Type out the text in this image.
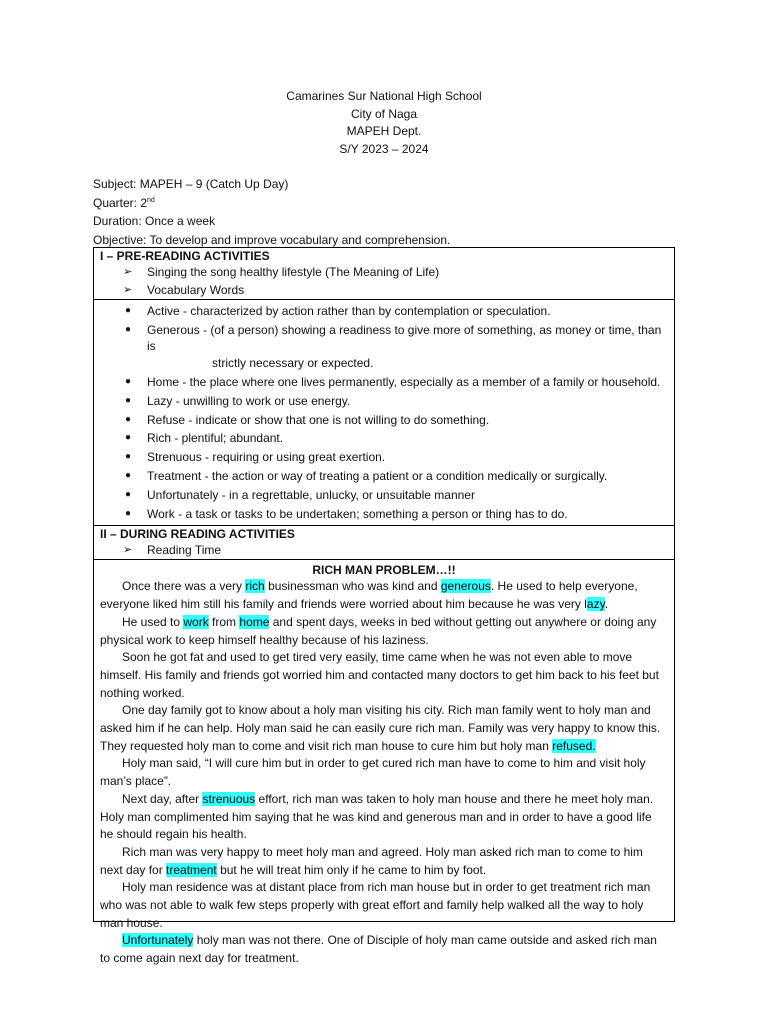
Camarines Sur National High School
City of Naga
MAPEH Dept.
S/Y 2023 – 2024
Subject: MAPEH – 9 (Catch Up Day)
Quarter: 2nd
Duration: Once a week
Objective: To develop and improve vocabulary and comprehension.
I – PRE-READING ACTIVITIES
➢ Singing the song healthy lifestyle (The Meaning of Life)
➢ Vocabulary Words
● Active - characterized by action rather than by contemplation or speculation.
● Generous - (of a person) showing a readiness to give more of something, as money or time, than is
strictly necessary or expected.
● Home - the place where one lives permanently, especially as a member of a family or household.
● Lazy - unwilling to work or use energy.
● Refuse - indicate or show that one is not willing to do something.
● Rich - plentiful; abundant.
● Strenuous - requiring or using great exertion.
● Treatment - the action or way of treating a patient or a condition medically or surgically.
● Unfortunately - in a regrettable, unlucky, or unsuitable manner
● Work - a task or tasks to be undertaken; something a person or thing has to do.
II – DURING READING ACTIVITIES
➢ Reading Time
RICH MAN PROBLEM…!!

Once there was a very rich businessman who was kind and generous. He used to help everyone, everyone liked him still his family and friends were worried about him because he was very lazy.

He used to work from home and spent days, weeks in bed without getting out anywhere or doing any physical work to keep himself healthy because of his laziness.

Soon he got fat and used to get tired very easily, time came when he was not even able to move himself. His family and friends got worried him and contacted many doctors to get him back to his feet but nothing worked.

One day family got to know about a holy man visiting his city. Rich man family went to holy man and asked him if he can help. Holy man said he can easily cure rich man. Family was very happy to know this. They requested holy man to come and visit rich man house to cure him but holy man refused.

Holy man said, “I will cure him but in order to get cured rich man have to come to him and visit holy man’s place”.

Next day, after strenuous effort, rich man was taken to holy man house and there he meet holy man. Holy man complimented him saying that he was kind and generous man and in order to have a good life he should regain his health.

Rich man was very happy to meet holy man and agreed. Holy man asked rich man to come to him next day for treatment but he will treat him only if he came to him by foot.

Holy man residence was at distant place from rich man house but in order to get treatment rich man who was not able to walk few steps properly with great effort and family help walked all the way to holy man house.

Unfortunately holy man was not there. One of Disciple of holy man came outside and asked rich man to come again next day for treatment.
